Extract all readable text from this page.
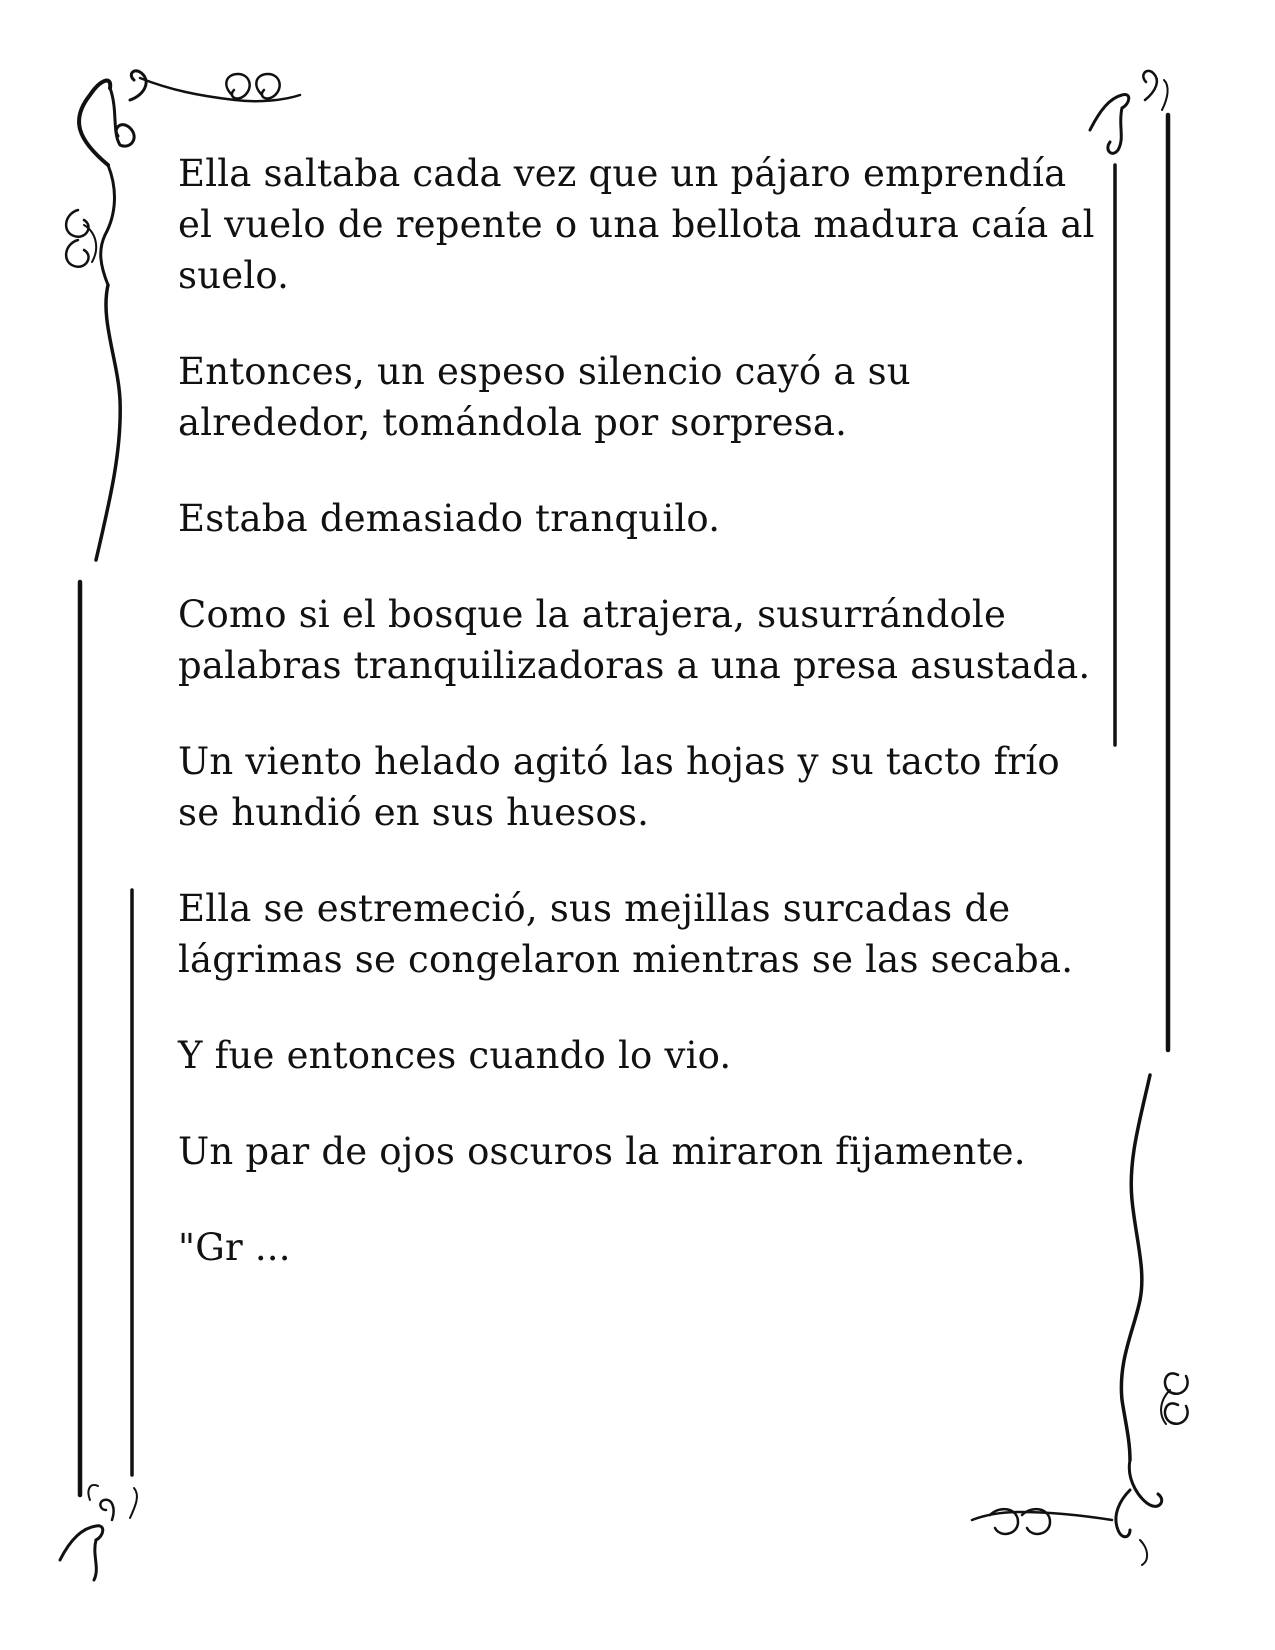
Ella saltaba cada vez que un pájaro emprendía el vuelo de repente o una bellota madura caía al suelo.

Entonces, un espeso silencio cayó a su alrededor, tomándola por sorpresa.

Estaba demasiado tranquilo.

Como si el bosque la atrajera, susurrándole palabras tranquilizadoras a una presa asustada.

Un viento helado agitó las hojas y su tacto frío se hundió en sus huesos.

Ella se estremeció, sus mejillas surcadas de lágrimas se congelaron mientras se las secaba.

Y fue entonces cuando lo vio.

Un par de ojos oscuros la miraron fijamente.

"Gr ...
